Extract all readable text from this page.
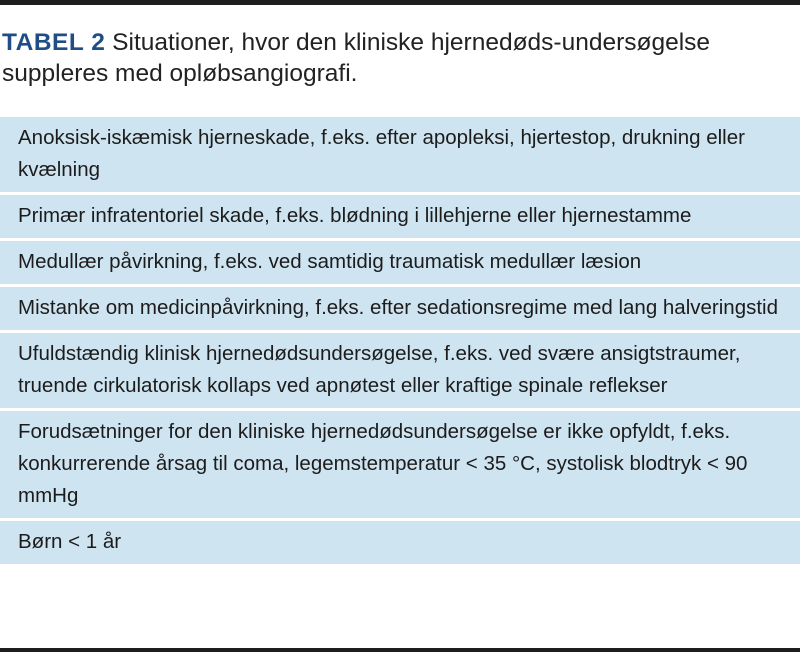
TABEL 2 Situationer, hvor den kliniske hjernedøds-undersøgelse suppleres med opløbsangiografi.
Anoksisk-iskæmisk hjerneskade, f.eks. efter apopleksi, hjertestop, drukning eller kvælning
Primær infratentoriel skade, f.eks. blødning i lillehjerne eller hjernestamme
Medullær påvirkning, f.eks. ved samtidig traumatisk medullær læsion
Mistanke om medicinpåvirkning, f.eks. efter sedationsregime med lang halveringstid
Ufuldstændig klinisk hjernedødsundersøgelse, f.eks. ved svære ansigtstraumer, truende cirkulatorisk kollaps ved apnøtest eller kraftige spinale reflekser
Forudsætninger for den kliniske hjernedødsundersøgelse er ikke opfyldt, f.eks. konkurrerende årsag til coma, legemstemperatur < 35 °C, systolisk blodtryk < 90 mmHg
Børn < 1 år
